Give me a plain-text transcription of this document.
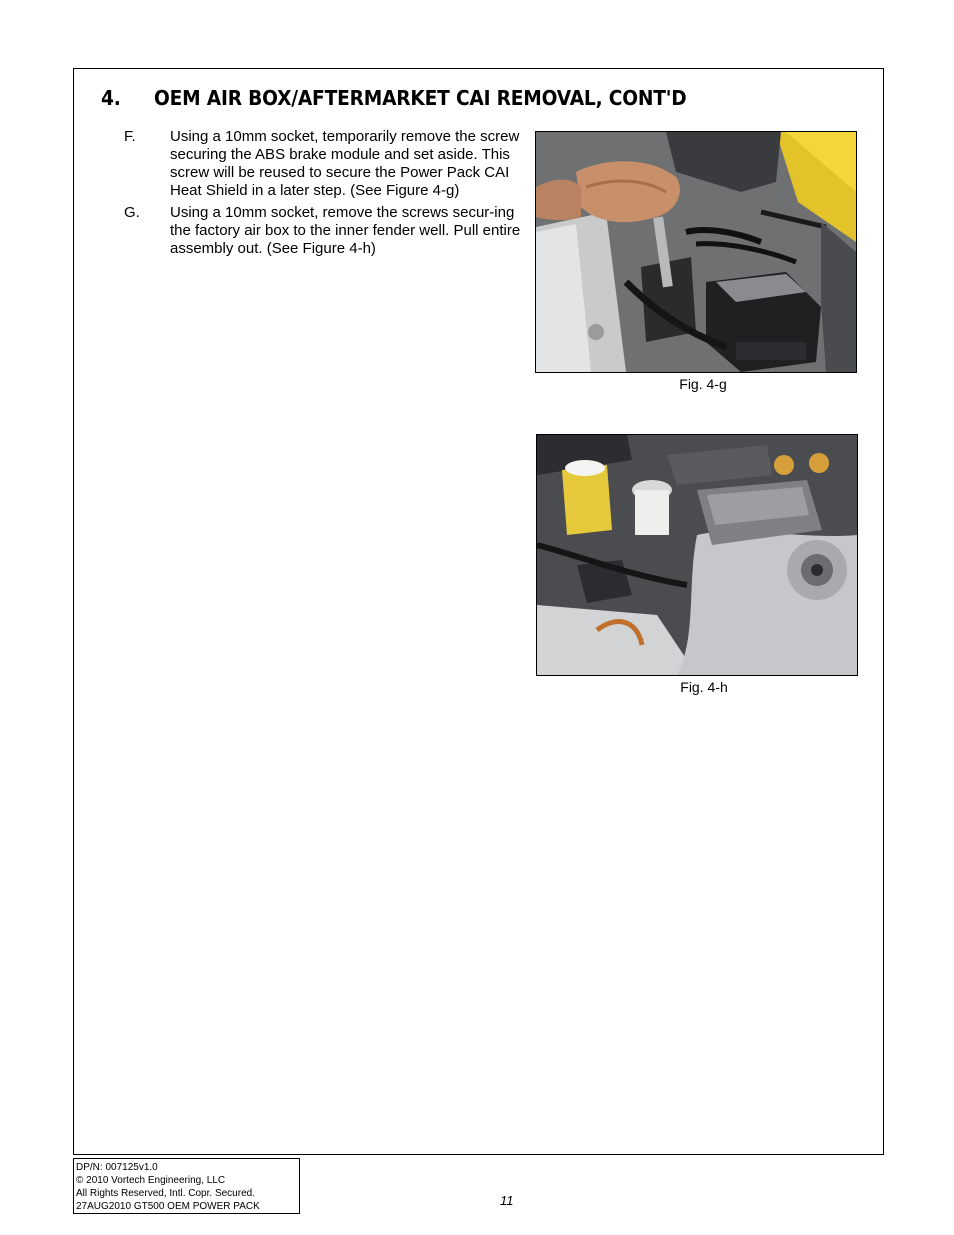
4. OEM AIR BOX/AFTERMARKET CAI REMOVAL, CONT'D
F.	Using a 10mm socket, temporarily remove the screw securing the ABS brake module and set aside. This screw will be reused to secure the Power Pack CAI Heat Shield in a later step. (See Figure 4-g)
G.	Using a 10mm socket, remove the screws secur-ing the factory air box to the inner fender well. Pull entire assembly out. (See Figure 4-h)
Fig. 4-g
Fig. 4-h
DP/N: 007125v1.0
© 2010 Vortech Engineering, LLC
All Rights Reserved, Intl. Copr. Secured.
27AUG2010 GT500 OEM POWER PACK	11
